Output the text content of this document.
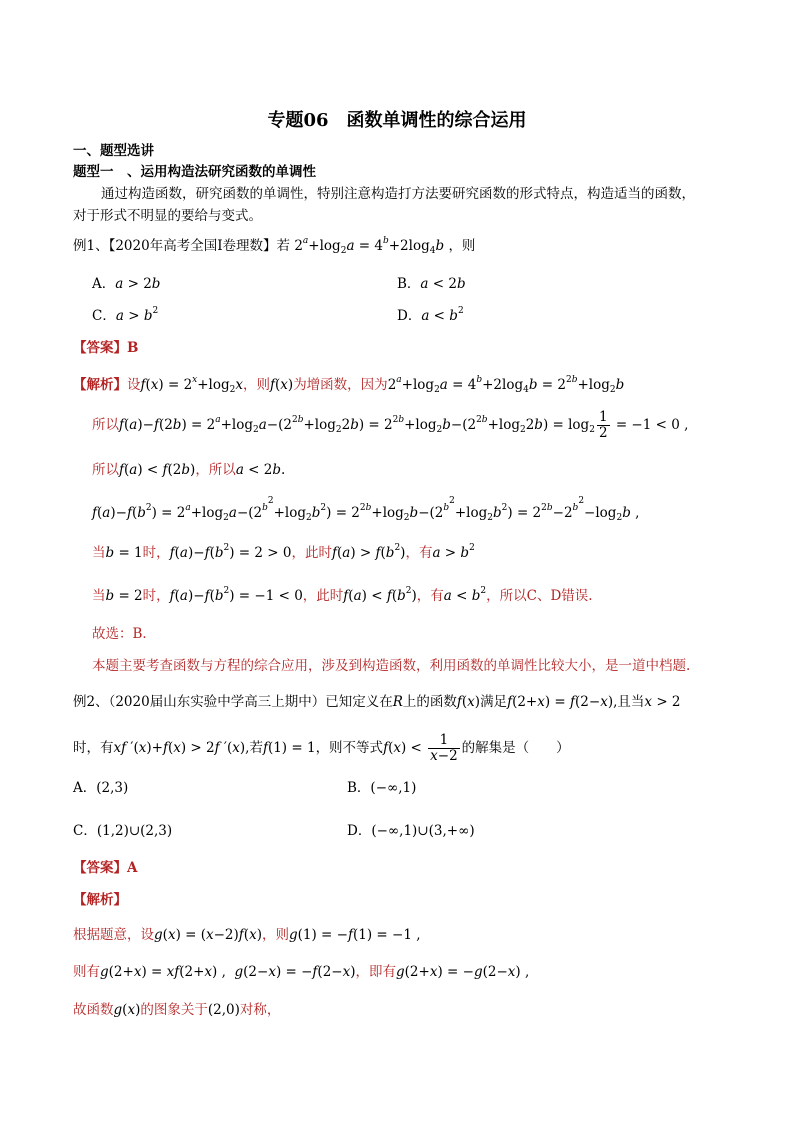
专题06　函数单调性的综合运用
一、题型选讲
题型一　、运用构造法研究函数的单调性
通过构造函数，研究函数的单调性，特别注意构造打方法要研究函数的形式特点，构造适当的函数，
对于形式不明显的要给与变式。
例1、【2020年高考全国I卷理数】若 $2^a+\log_2a = 4^b+2\log_4b$ ，则
A．a > 2b	B．a < 2b
C．$a > b^2$	D．$a < b^2$
【答案】B
【解析】设$f(x) = 2^x+\log_2x$，则f(x)为增函数，因为$2^a+\log_2a = 4^b+2\log_4b = 2^{2b}+\log_2b$
所以$f(a)-f(2b) = 2^a+\log_2a-(2^{2b}+\log_22b) = 2^{2b}+\log_2b-(2^{2b}+\log_22b) = \log_2 \frac{1}{2} = -1 < 0$ ,
所以f(a) < f(2b)，所以a < 2b.
$f(a)-f(b^2) = 2^a+\log_2a-(2^{b^2}+\log_2b^2) = 2^{2b}+\log_2b-(2^{b^2}+\log_2b^2) = 2^{2b}-2^{b^2}-\log_2b$ ,
当b = 1时，$f(a)-f(b^2) = 2 > 0$，此时$f(a) > f(b^2)$，有$a > b^2$
当b = 2时，$f(a)-f(b^2) = -1 < 0$，此时$f(a) < f(b^2)$，有$a < b^2$，所以C、D错误.
故选：B．
本题主要考查函数与方程的综合应用，涉及到构造函数，利用函数的单调性比较大小，是一道中档题.
例2、（2020届山东实验中学高三上期中）已知定义在R上的函数f(x)满足f(2+x) = f(2−x),且当x > 2
时，有xf ′(x)+f(x) > 2f ′(x),若f(1) = 1，则不等式$f(x) < \frac{1}{x-2}$ 的解集是（　　）
A．(2,3)	B．(−∞,1)
C．(1,2)∪(2,3)	D．(−∞,1)∪(3,+∞)
【答案】A
【解析】
根据题意，设g(x) = (x−2)f(x)，则g(1) = −f(1) = −1 ,
则有g(2+x) = xf(2+x) ,  g(2−x) = −f(2−x)，即有g(2+x) = −g(2−x) ,
故函数g(x)的图象关于(2,0)对称，
